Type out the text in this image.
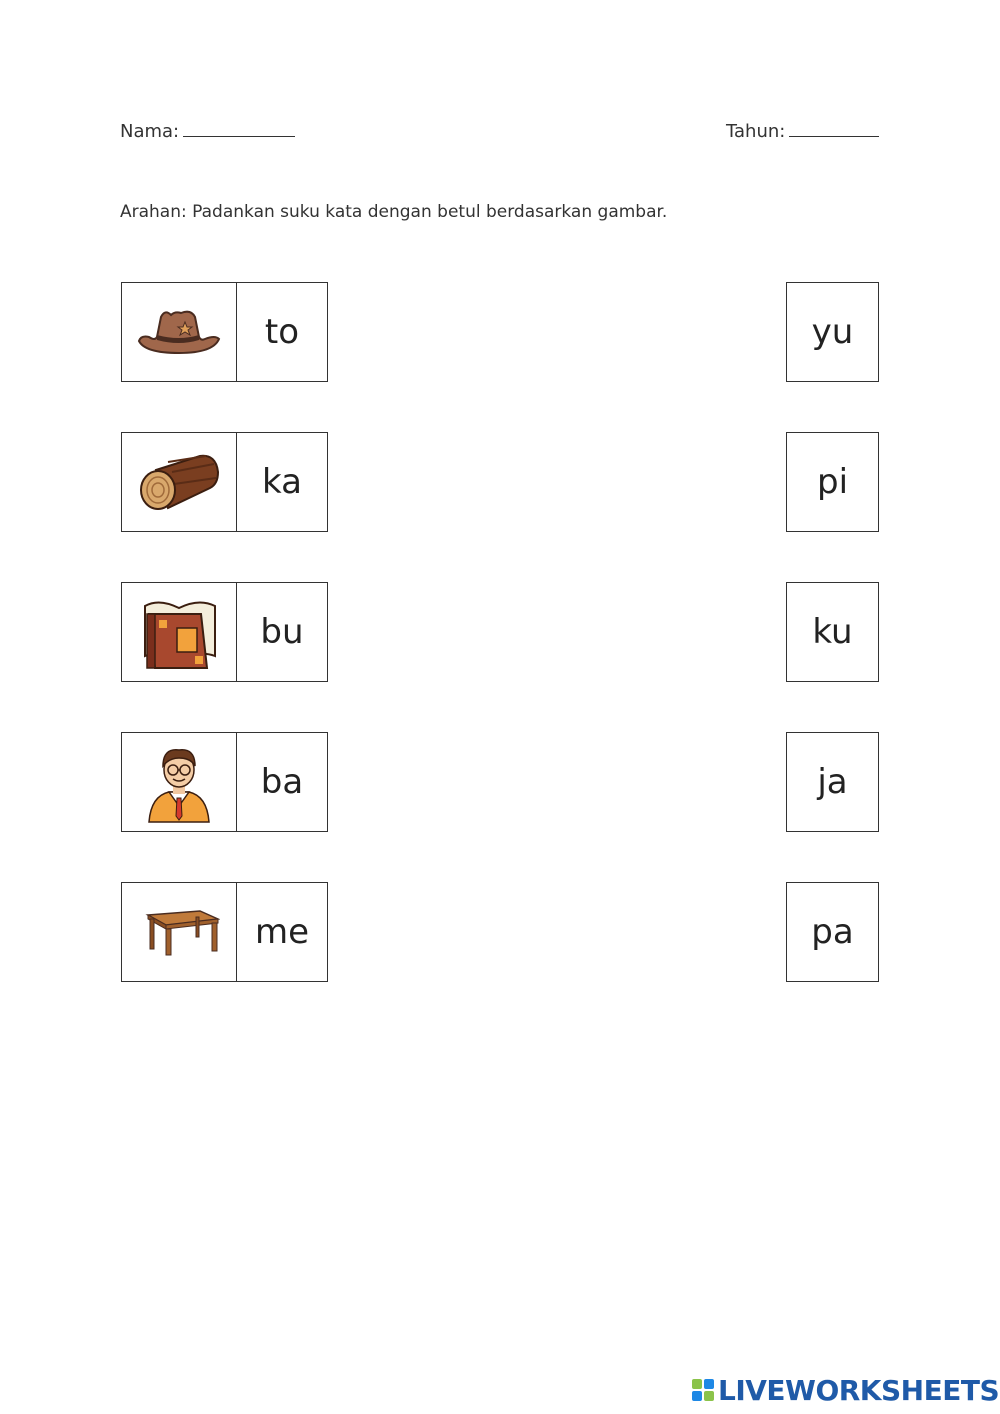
Nama:	Tahun:
Arahan: Padankan suku kata dengan betul berdasarkan gambar.
to
ka
bu
ba
me
yu
pi
ku
ja
pa
LIVEWORKSHEETS
